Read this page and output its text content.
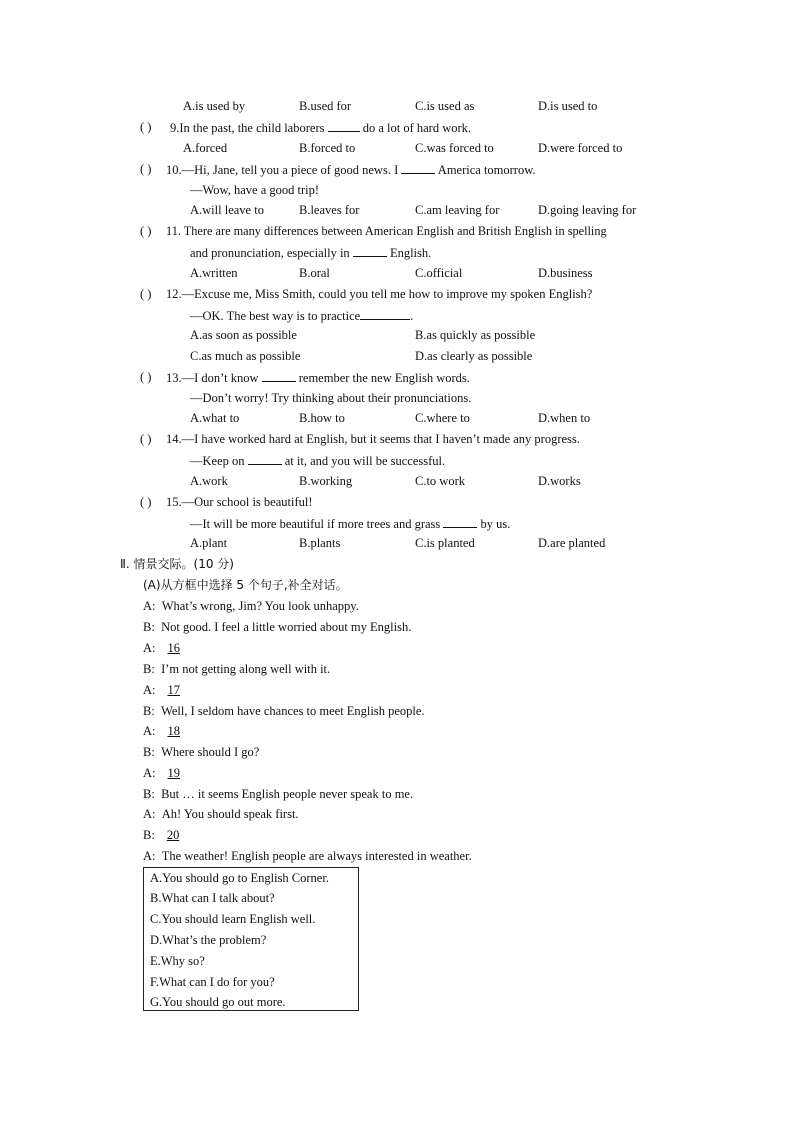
A.is used by	B.used for	C.is used as	D.is used to
( ) 9.In the past, the child laborers	do a lot of hard work.
A.forced	B.forced to	C.was forced to	D.were forced to
( ) 10.—Hi, Jane, tell you a piece of good news. I	America tomorrow.
—Wow, have a good trip!
A.will leave to	B.leaves for	C.am leaving for	D.going leaving for
( ) 11. There are many differences between American English and British English in spelling
and pronunciation, especially in	English.
A.written	B.oral	C.official	D.business
( ) 12.—Excuse me, Miss Smith, could you tell me how to improve my spoken English?
—OK. The best way is to practice	.
A.as soon as possible	B.as quickly as possible
C.as much as possible	D.as clearly as possible
( ) 13.—I don’t know	remember the new English words.
—Don’t worry! Try thinking about their pronunciations.
A.what to	B.how to	C.where to	D.when to
( ) 14.—I have worked hard at English, but it seems that I haven’t made any progress.
—Keep on	at it, and you will be successful.
A.work	B.working	C.to work	D.works
( ) 15.—Our school is beautiful!
—It will be more beautiful if more trees and grass	by us.
A.plant	B.plants	C.is planted	D.are planted
Ⅱ. 情景交际。(10 分)
(A)从方框中选择 5 个句子,补全对话。
A: What’s wrong, Jim? You look unhappy.
B: Not good. I feel a little worried about my English.
A: 16
B: I’m not getting along well with it.
A: 17
B: Well, I seldom have chances to meet English people.
A: 18
B: Where should I go?
A: 19
B: But … it seems English people never speak to me.
A: Ah! You should speak first.
B: 20
A: The weather! English people are always interested in weather.
A.You should go to English Corner.
B.What can I talk about?
C.You should learn English well.
D.What’s the problem?
E.Why so?
F.What can I do for you?
G.You should go out more.
